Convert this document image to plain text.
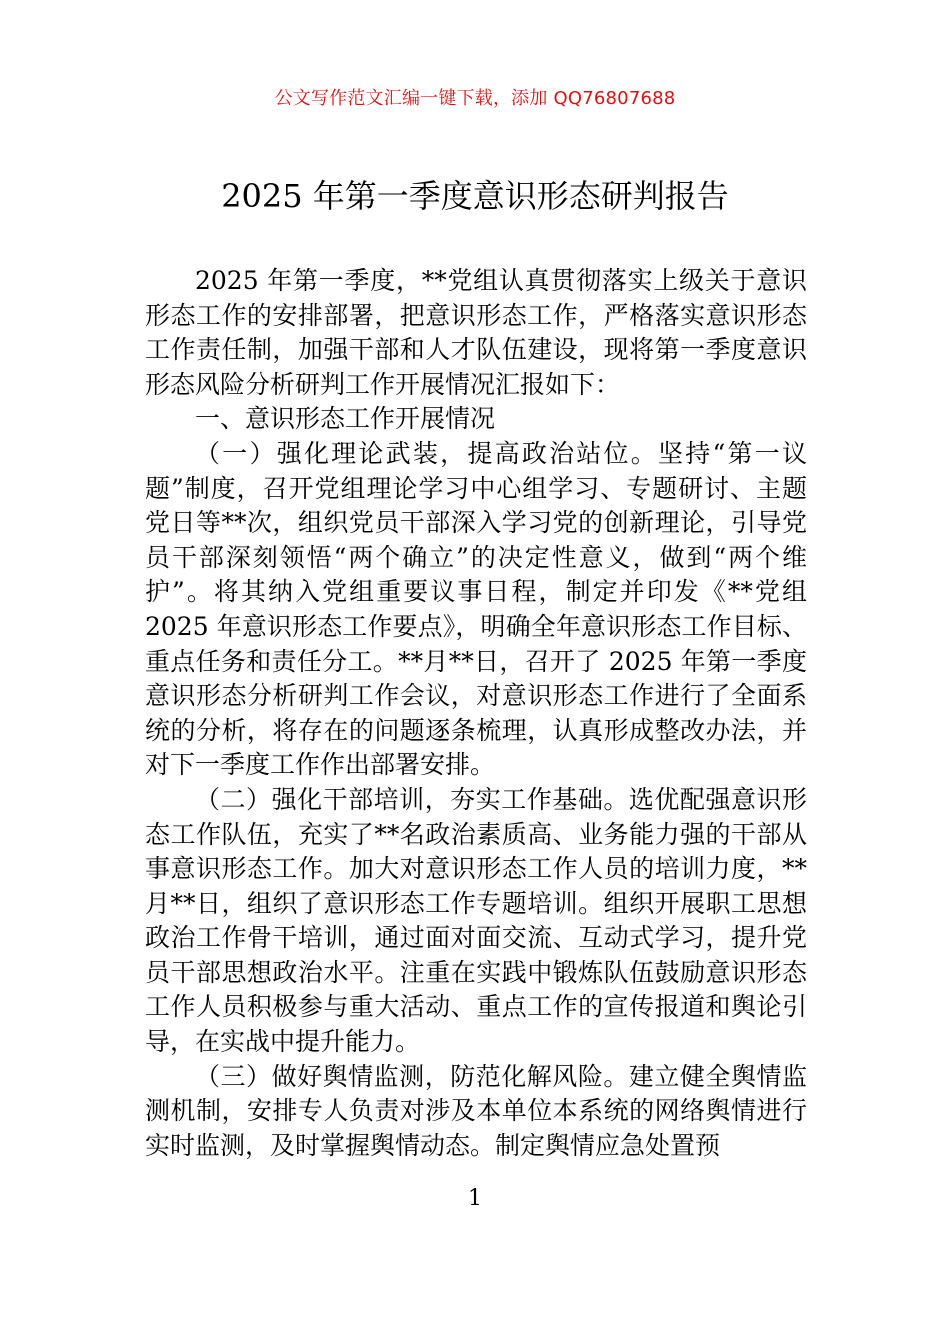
公文写作范文汇编一键下载，添加 QQ76807688
2025 年第一季度意识形态研判报告

2025 年第一季度，**党组认真贯彻落实上级关于意识形态工作的安排部署，把意识形态工作，严格落实意识形态工作责任制，加强干部和人才队伍建设，现将第一季度意识形态风险分析研判工作开展情况汇报如下：

一、意识形态工作开展情况

（一）强化理论武装，提高政治站位。坚持“第一议题”制度，召开党组理论学习中心组学习、专题研讨、主题党日等**次，组织党员干部深入学习党的创新理论，引导党员干部深刻领悟“两个确立”的决定性意义，做到“两个维护”。将其纳入党组重要议事日程，制定并印发《**党组 2025 年意识形态工作要点》，明确全年意识形态工作目标、重点任务和责任分工。**月**日，召开了 2025 年第一季度意识形态分析研判工作会议，对意识形态工作进行了全面系统的分析，将存在的问题逐条梳理，认真形成整改办法，并对下一季度工作作出部署安排。

（二）强化干部培训，夯实工作基础。选优配强意识形态工作队伍，充实了**名政治素质高、业务能力强的干部从事意识形态工作。加大对意识形态工作人员的培训力度，**月**日，组织了意识形态工作专题培训。组织开展职工思想政治工作骨干培训，通过面对面交流、互动式学习，提升党员干部思想政治水平。注重在实践中锻炼队伍鼓励意识形态工作人员积极参与重大活动、重点工作的宣传报道和舆论引导，在实战中提升能力。

（三）做好舆情监测，防范化解风险。建立健全舆情监测机制，安排专人负责对涉及本单位本系统的网络舆情进行实时监测，及时掌握舆情动态。制定舆情应急处置预

1
